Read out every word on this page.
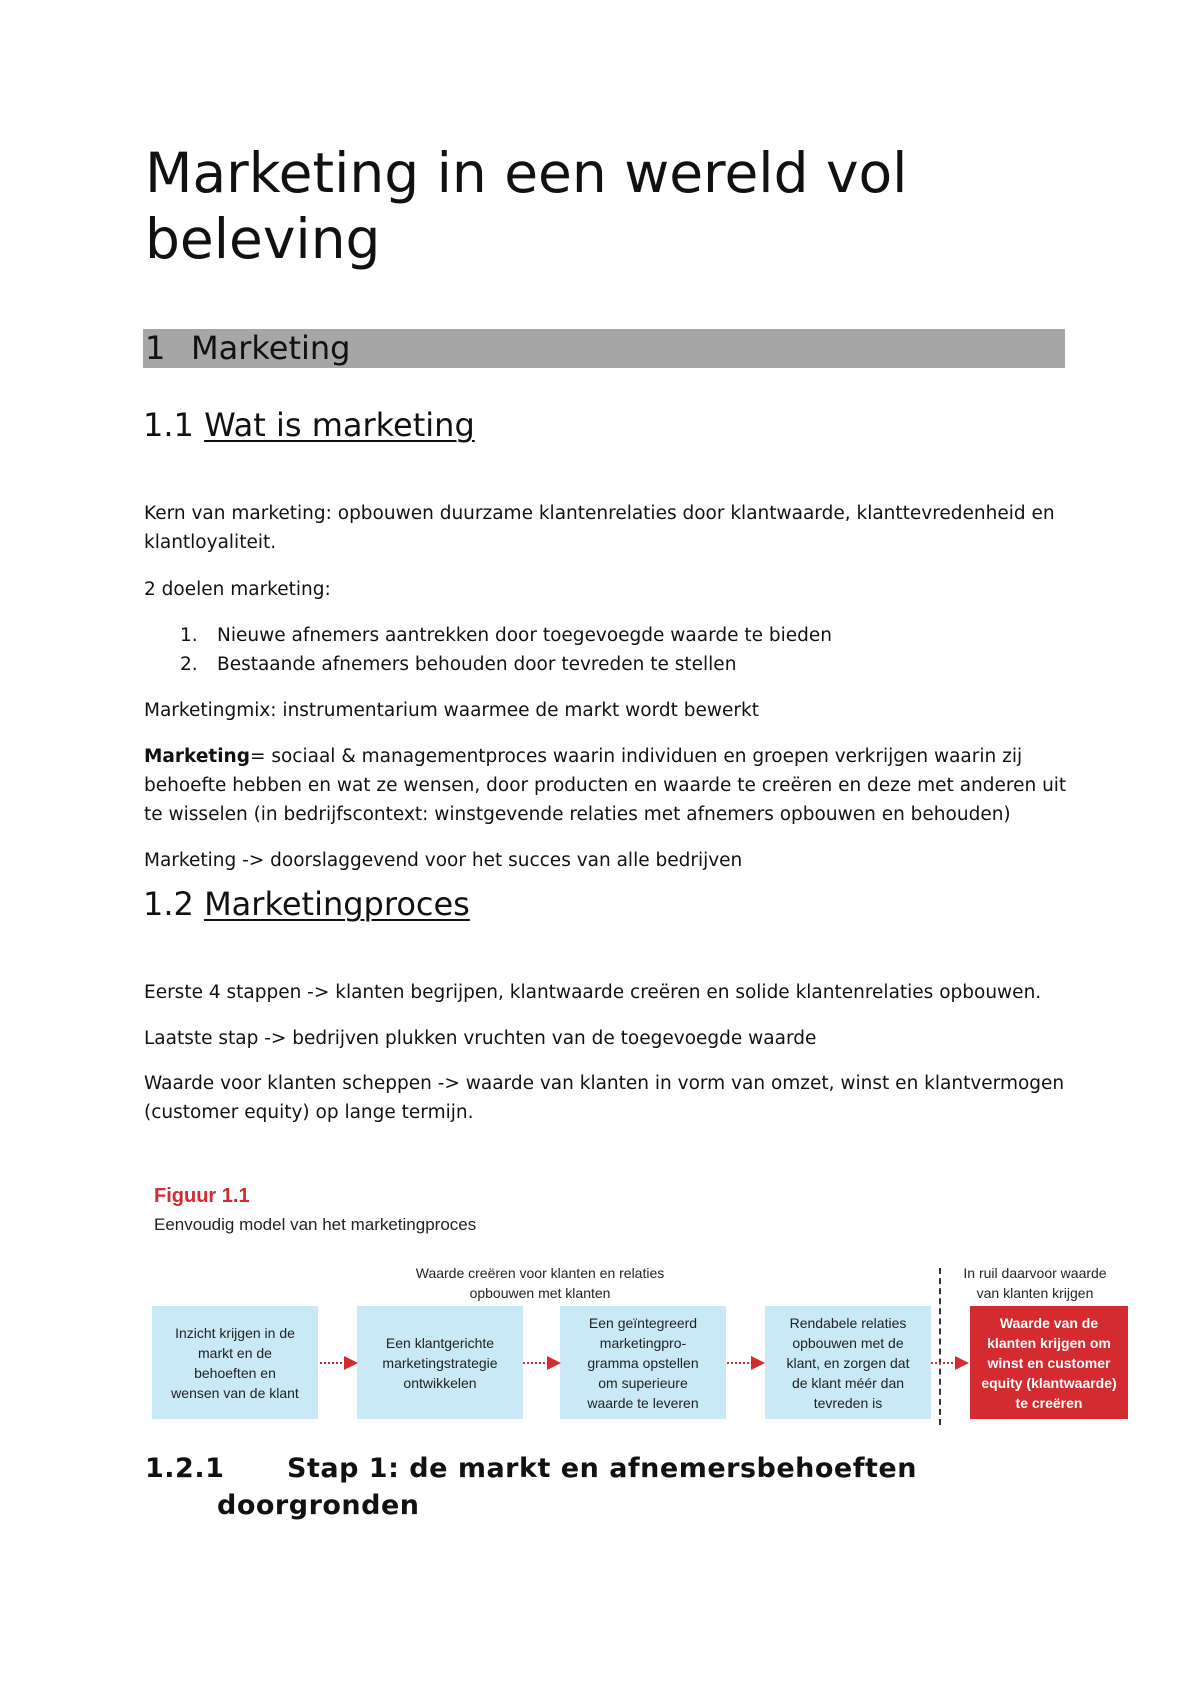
Marketing in een wereld vol beleving
1 Marketing
1.1 Wat is marketing

Kern van marketing: opbouwen duurzame klantenrelaties door klantwaarde, klanttevredenheid en
klantloyaliteit.

2 doelen marketing:

1.	Nieuwe afnemers aantrekken door toegevoegde waarde te bieden
2.	Bestaande afnemers behouden door tevreden te stellen

Marketingmix: instrumentarium waarmee de markt wordt bewerkt

Marketing= sociaal & managementproces waarin individuen en groepen verkrijgen waarin zij
behoefte hebben en wat ze wensen, door producten en waarde te creëren en deze met anderen uit
te wisselen (in bedrijfscontext: winstgevende relaties met afnemers opbouwen en behouden)

Marketing -> doorslaggevend voor het succes van alle bedrijven

1.2 Marketingproces

Eerste 4 stappen -> klanten begrijpen, klantwaarde creëren en solide klantenrelaties opbouwen.

Laatste stap -> bedrijven plukken vruchten van de toegevoegde waarde

Waarde voor klanten scheppen -> waarde van klanten in vorm van omzet, winst en klantvermogen
(customer equity) op lange termijn.

Figuur 1.1
Eenvoudig model van het marketingproces
Waarde creëren voor klanten en relaties
opbouwen met klanten
In ruil daarvoor waarde
van klanten krijgen
Inzicht krijgen in de
markt en de
behoeften en
wensen van de klant
Een klantgerichte
marketingstrategie
ontwikkelen
Een geïntegreerd
marketingpro-
gramma opstellen
om superieure
waarde te leveren
Rendabele relaties
opbouwen met de
klant, en zorgen dat
de klant méér dan
tevreden is
Waarde van de
klanten krijgen om
winst en customer
equity (klantwaarde)
te creëren
1.2.1 Stap 1: de markt en afnemersbehoeften
doorgronden
